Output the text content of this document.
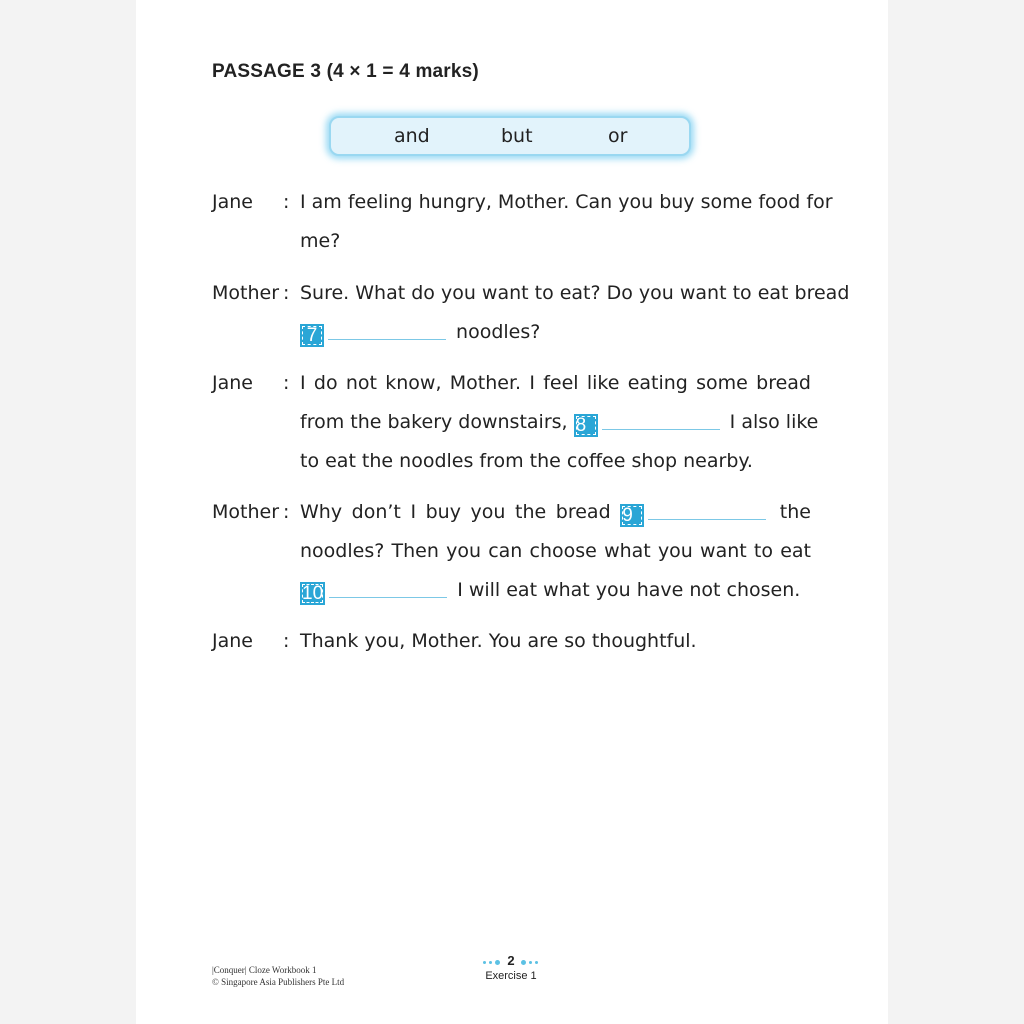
PASSAGE 3 (4 × 1 = 4 marks)
and	but	or
Jane : I am feeling hungry, Mother. Can you buy some food for
me?
Mother : Sure. What do you want to eat? Do you want to eat bread
7	noodles?
Jane : I do not know, Mother. I feel like eating some bread
from the bakery downstairs, 8	I also like
to eat the noodles from the coffee shop nearby.
Mother : Why don’t I buy you the bread 9	the
noodles? Then you can choose what you want to eat
10	I will eat what you have not chosen.
Jane : Thank you, Mother. You are so thoughtful.
|Conquer| Cloze Workbook 1
© Singapore Asia Publishers Pte Ltd
2
Exercise 1
